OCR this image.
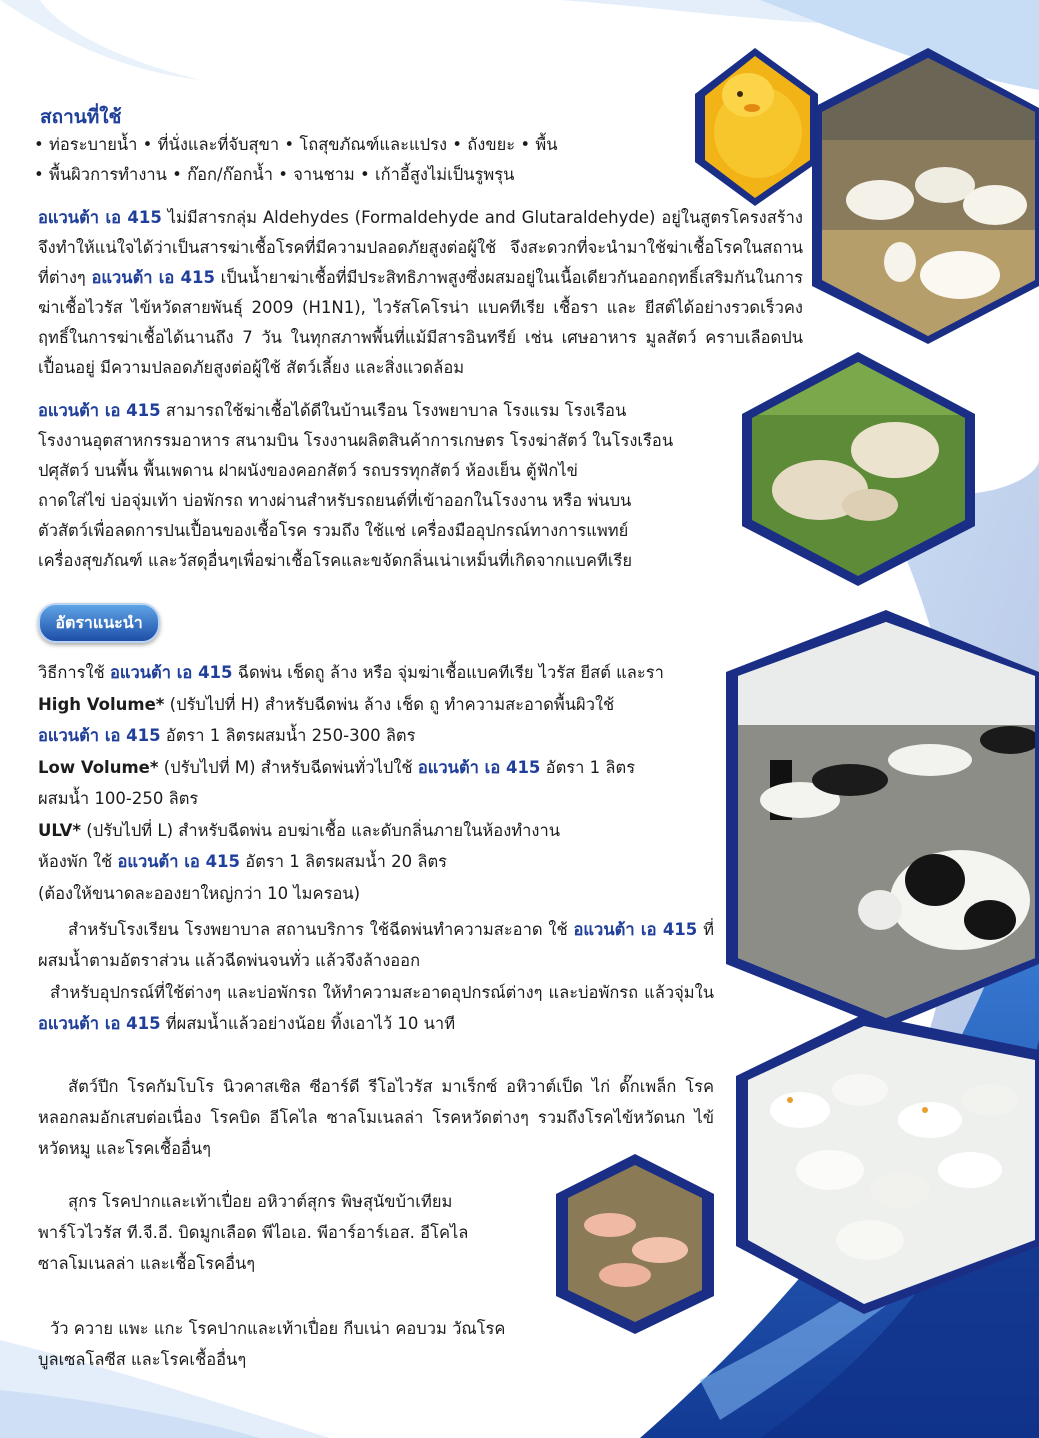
สถานที่ใช้

• ท่อระบายน้ำ • ที่นั่งและที่จับสุขา • โถสุขภัณฑ์และแปรง • ถังขยะ • พื้น

• พื้นผิวการทำงาน • ก๊อก/ก๊อกน้ำ • จานชาม • เก้าอี้สูงไม่เป็นรูพรุน

อแวนต้า เอ 415 ไม่มีสารกลุ่ม Aldehydes (Formaldehyde and Glutaraldehyde) อยู่ในสูตรโครงสร้าง จึงทำให้แน่ใจได้ว่าเป็นสารฆ่าเชื้อโรคที่มีความปลอดภัยสูงต่อผู้ใช้ จึงสะดวกที่จะนำมาใช้ฆ่าเชื้อโรคในสถานที่ต่างๆ อแวนต้า เอ 415 เป็นน้ำยาฆ่าเชื้อที่มีประสิทธิภาพสูงซึ่งผสมอยู่ในเนื้อเดียวกันออกฤทธิ์เสริมกันในการฆ่าเชื้อไวรัส ไข้หวัดสายพันธุ์ 2009 (H1N1), ไวรัสโคโรน่า แบคทีเรีย เชื้อรา และ ยีสต์ได้อย่างรวดเร็วคงฤทธิ์ในการฆ่าเชื้อได้นานถึง 7 วัน ในทุกสภาพพื้นที่แม้มีสารอินทรีย์ เช่น เศษอาหาร มูลสัตว์ คราบเลือดปนเปื้อนอยู่ มีความปลอดภัยสูงต่อผู้ใช้ สัตว์เลี้ยง และสิ่งแวดล้อม

อแวนต้า เอ 415 สามารถใช้ฆ่าเชื้อได้ดีในบ้านเรือน โรงพยาบาล โรงแรม โรงเรือน

โรงงานอุตสาหกรรมอาหาร สนามบิน โรงงานผลิตสินค้าการเกษตร โรงฆ่าสัตว์ ในโรงเรือน

ปศุสัตว์ บนพื้น พื้นเพดาน ฝาผนังของคอกสัตว์ รถบรรทุกสัตว์ ห้องเย็น ตู้ฟักไข่

ถาดใส่ไข่ บ่อจุ่มเท้า บ่อพักรถ ทางผ่านสำหรับรถยนต์ที่เข้าออกในโรงงาน หรือ พ่นบน

ตัวสัตว์เพื่อลดการปนเปื้อนของเชื้อโรค รวมถึง ใช้แช่ เครื่องมืออุปกรณ์ทางการแพทย์

เครื่องสุขภัณฑ์ และวัสดุอื่นๆเพื่อฆ่าเชื้อโรคและขจัดกลิ่นเน่าเหม็นที่เกิดจากแบคทีเรีย

อัตราแนะนำ

วิธีการใช้ อแวนต้า เอ 415 ฉีดพ่น เช็ดถู ล้าง หรือ จุ่มฆ่าเชื้อแบคทีเรีย ไวรัส ยีสต์ และรา

High Volume* (ปรับไปที่ H) สำหรับฉีดพ่น ล้าง เช็ด ถู ทำความสะอาดพื้นผิวใช้

อแวนต้า เอ 415 อัตรา 1 ลิตรผสมน้ำ 250-300 ลิตร

Low Volume* (ปรับไปที่ M) สำหรับฉีดพ่นทั่วไปใช้ อแวนต้า เอ 415 อัตรา 1 ลิตร

ผสมน้ำ 100-250 ลิตร

ULV* (ปรับไปที่ L) สำหรับฉีดพ่น อบฆ่าเชื้อ และดับกลิ่นภายในห้องทำงาน

ห้องพัก ใช้ อแวนต้า เอ 415 อัตรา 1 ลิตรผสมน้ำ 20 ลิตร

(ต้องให้ขนาดละอองยาใหญ่กว่า 10 ไมครอน)

สำหรับโรงเรียน โรงพยาบาล สถานบริการ ใช้ฉีดพ่นทำความสะอาด ใช้ อแวนต้า เอ 415 ที่ผสมน้ำตามอัตราส่วน แล้วฉีดพ่นจนทั่ว แล้วจึงล้างออก

สำหรับอุปกรณ์ที่ใช้ต่างๆ และบ่อพักรถ ให้ทำความสะอาดอุปกรณ์ต่างๆ และบ่อพักรถ แล้วจุ่มใน อแวนต้า เอ 415 ที่ผสมน้ำแล้วอย่างน้อย ทิ้งเอาไว้ 10 นาที

สัตว์ปีก โรคกัมโบโร นิวคาสเซิล ซีอาร์ดี รีโอไวรัส มาเร็กซ์ อหิวาต์เป็ด ไก่ ดั๊กเพล็ก โรคหลอกลมอักเสบต่อเนื่อง โรคบิด อีโคไล ซาลโมเนลล่า โรคหวัดต่างๆ รวมถึงโรคไข้หวัดนก ไข้หวัดหมู และโรคเชื้ออื่นๆ

สุกร โรคปากและเท้าเปื่อย อหิวาต์สุกร พิษสุนัขบ้าเทียม

พาร์โวไวรัส ที.จี.อี. บิดมูกเลือด พีไอเอ. พีอาร์อาร์เอส. อีโคไล

ซาลโมเนลล่า และเชื้อโรคอื่นๆ

วัว ควาย แพะ แกะ โรคปากและเท้าเปื่อย กีบเน่า คอบวม วัณโรค

บูลเซลโลซีส และโรคเชื้ออื่นๆ
